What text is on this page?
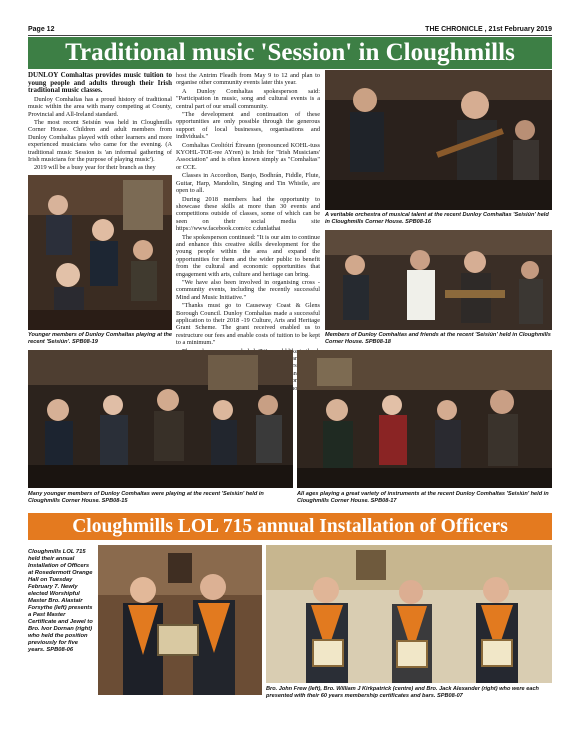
Page 12	THE CHRONICLE , 21st February 2019
Traditional music 'Session' in Cloughmills

DUNLOY Comhaltas provides music tuition to young people and adults through their Irish traditional music classes.

Dunloy Comhaltas has a proud history of traditional music within the area with many competing at County, Provincial and All-Ireland standard.

The most recent Seisiún was held in Cloughmills Corner House. Children and adult members from Dunloy Comhaltas played with other learners and more experienced musicians who came for the evening. (A traditional music Session is 'an informal gathering of Irish musicians for the purpose of playing music').

2019 will be a busy year for their branch as they

Younger members of Dunloy Comhaltas playing at the recent 'Seisiún'. SPB08-19

host the Antrim Fleadh from May 9 to 12 and plan to organise other community events later this year.

A Dunloy Comhaltas spokesperson said: "Participation in music, song and cultural events is a central part of our small community.

"The development and continuation of these opportunities are only possible through the generous support of local businesses, organisations and individuals."

Comhaltas Ceoltóirí Éireann (pronounced KOHL-tuss KYOHL-TOE-ree AYren) is Irish for "Irish Musicians' Association" and is often known simply as "Comhaltas" or CCE.

Classes in Accordion, Banjo, Bodhrán, Fiddle, Flute, Guitar, Harp, Mandolin, Singing and Tin Whistle, are open to all.

During 2018 members had the opportunity to showcase these skills at more than 30 events and competitions outside of classes, some of which can be seen on their social media site https://www.facebook.com/cc c.dunlathai

The spokesperson continued: "It is our aim to continue and enhance this creative skills development for the young people within the area and expand the opportunities for them and the wider public to benefit from the cultural and economic opportunities that engagement with arts, culture and heritage can bring.

"We have also been involved in organising cross - community events, including the recently successful Mind and Music Initiative."

"Thanks must go to Causeway Coast & Glens Borough Council. Dunloy Comhaltas made a successful application to their 2018 -19 Culture, Arts and Heritage Grant Scheme. The grant received enabled us to restructure our fees and enable costs of tuition to be kept to a minimum."

like and bursting show

A veritable orchestra of musical talent at the recent Dunloy Comhaltas 'Seisiún' held in Cloughmills Corner House. SPB08-16
Members of Dunloy Comhaltas and friends at the recent 'Seisiún' held in Cloughmills Corner House. SPB08-18
Many younger members of Dunloy Comhaltas were playing at the recent 'Seisiún' held in Cloughmills Corner House. SPB08-15
All ages playing a great variety of instruments at the recent Dunloy Comhaltas 'Seisiún' held in Cloughmills Corner House. SPB08-17
Cloughmills LOL 715 annual Installation of Officers
Cloughmills LOL 715 held their annual Installation of Officers at Rosedermott Orange Hall on Tuesday February 7. Newly elected Worshipful Master Bro. Alastair Forsythe (left) presents a Past Master Certificate and Jewel to Bro. Ivor Dornan (right) who held the position previously for five years. SPB08-06
Bro. John Frew (left), Bro. William J Kirkpatrick (centre) and Bro. Jack Alexander (right) who were each presented with their 60 years membership certificates and bars. SPB08-07
